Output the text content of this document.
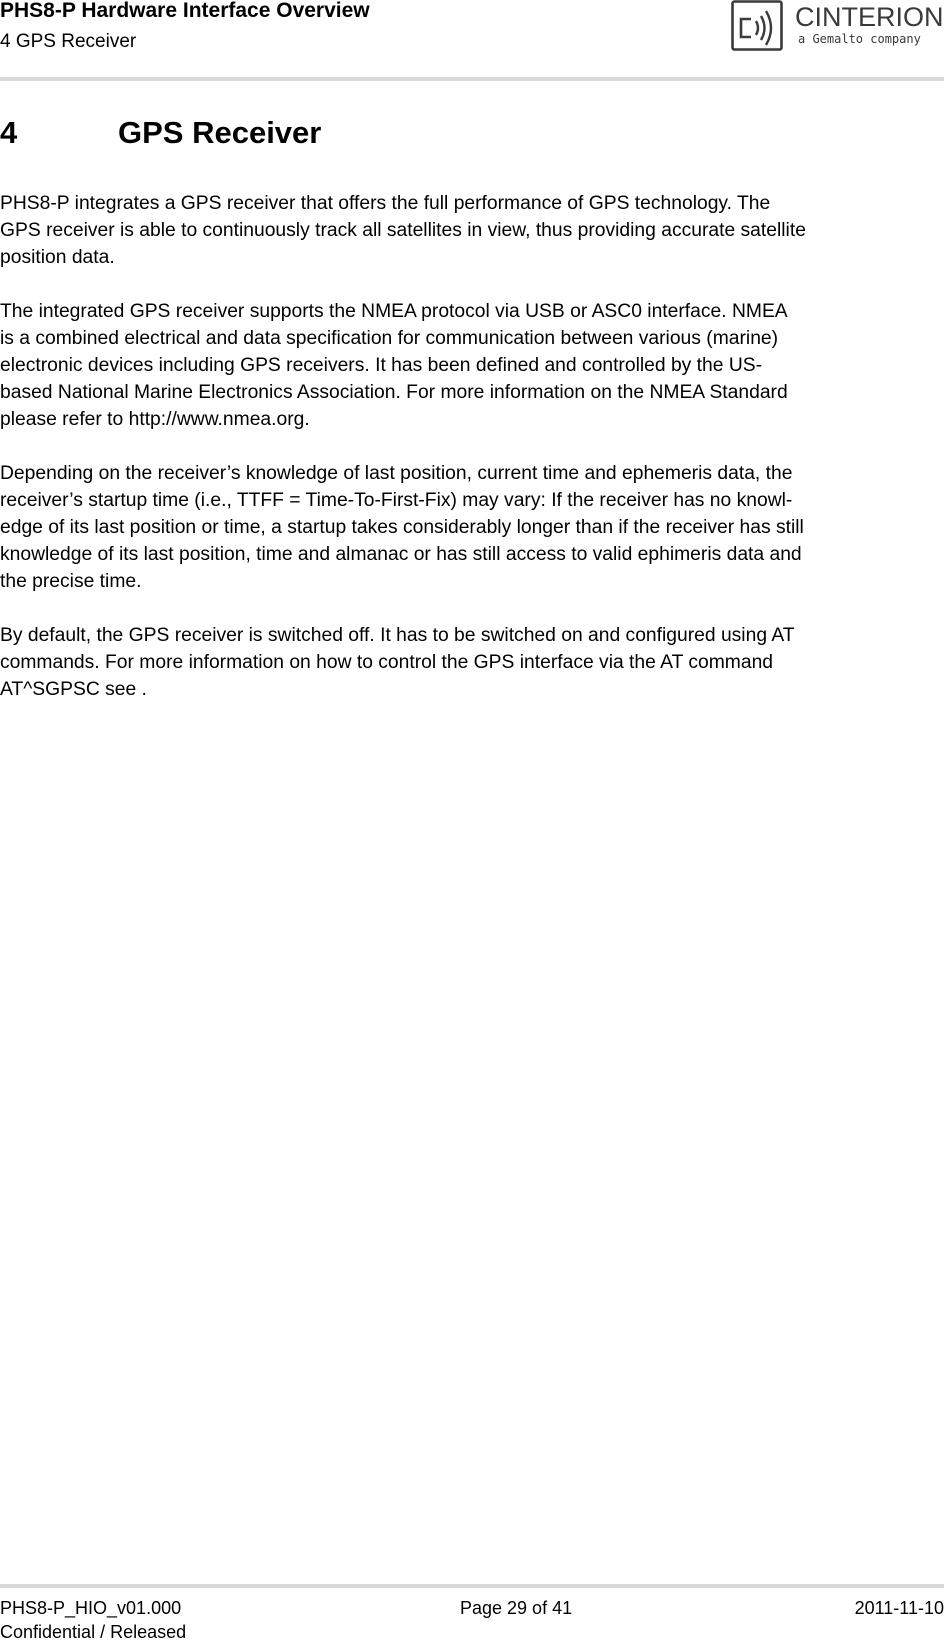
PHS8-P Hardware Interface Overview
4 GPS Receiver
CINTERION
a Gemalto company
4	GPS Receiver
PHS8-P integrates a GPS receiver that offers the full performance of GPS technology. The
GPS receiver is able to continuously track all satellites in view, thus providing accurate satellite
position data.
The integrated GPS receiver supports the NMEA protocol via USB or ASC0 interface. NMEA
is a combined electrical and data specification for communication between various (marine)
electronic devices including GPS receivers. It has been defined and controlled by the US-
based National Marine Electronics Association. For more information on the NMEA Standard
please refer to http://www.nmea.org.
Depending on the receiver’s knowledge of last position, current time and ephemeris data, the
receiver’s startup time (i.e., TTFF = Time-To-First-Fix) may vary: If the receiver has no knowl-
edge of its last position or time, a startup takes considerably longer than if the receiver has still
knowledge of its last position, time and almanac or has still access to valid ephimeris data and
the precise time.
By default, the GPS receiver is switched off. It has to be switched on and configured using AT
commands. For more information on how to control the GPS interface via the AT command
AT^SGPSC see .
PHS8-P_HIO_v01.000
Confidential / Released
Page 29 of 41	2011-11-10
